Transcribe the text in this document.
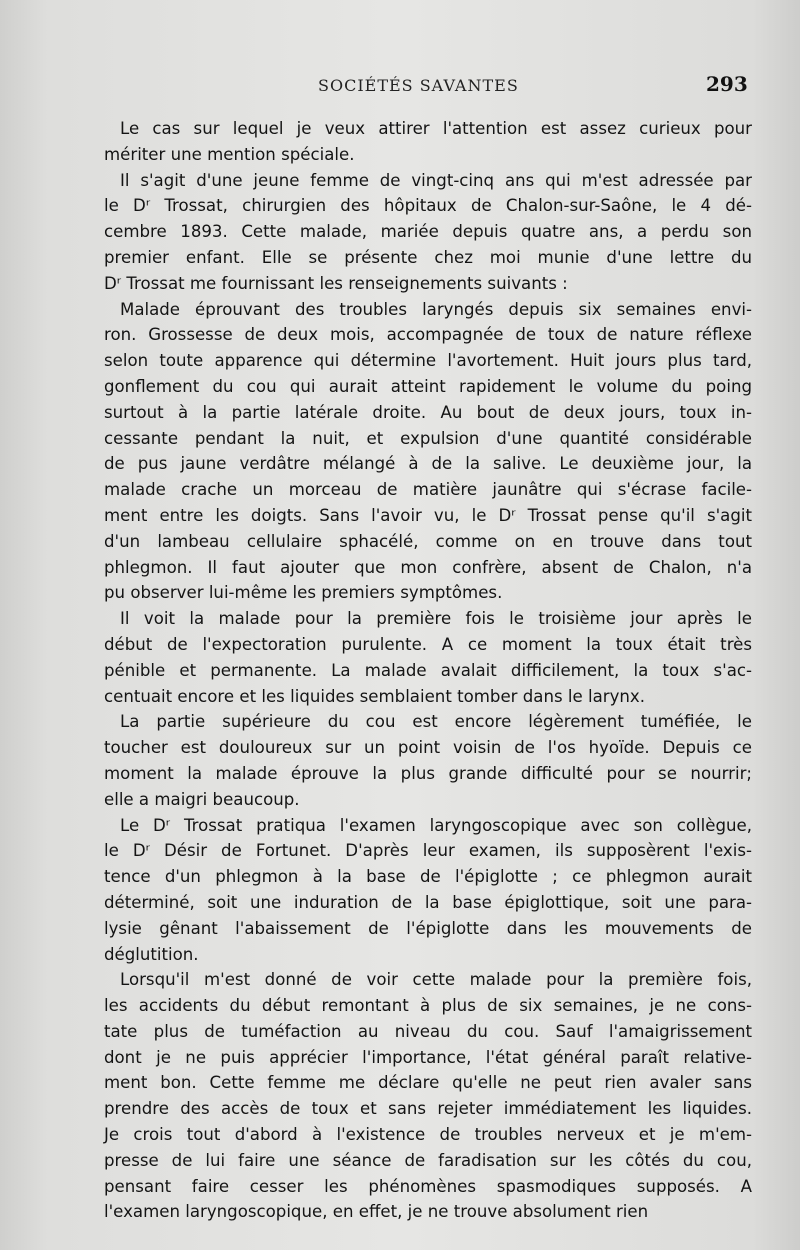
SOCIÉTÉS SAVANTES	293

Le cas sur lequel je veux attirer l'attention est assez curieux pour
mériter une mention spéciale.

Il s'agit d'une jeune femme de vingt-cinq ans qui m'est adressée par
le Dʳ Trossat, chirurgien des hôpitaux de Chalon-sur-Saône, le 4 dé-
cembre 1893. Cette malade, mariée depuis quatre ans, a perdu son
premier enfant. Elle se présente chez moi munie d'une lettre du
Dʳ Trossat me fournissant les renseignements suivants :

Malade éprouvant des troubles laryngés depuis six semaines envi-
ron. Grossesse de deux mois, accompagnée de toux de nature réflexe
selon toute apparence qui détermine l'avortement. Huit jours plus tard,
gonflement du cou qui aurait atteint rapidement le volume du poing
surtout à la partie latérale droite. Au bout de deux jours, toux in-
cessante pendant la nuit, et expulsion d'une quantité considérable
de pus jaune verdâtre mélangé à de la salive. Le deuxième jour, la
malade crache un morceau de matière jaunâtre qui s'écrase facile-
ment entre les doigts. Sans l'avoir vu, le Dʳ Trossat pense qu'il s'agit
d'un lambeau cellulaire sphacélé, comme on en trouve dans tout
phlegmon. Il faut ajouter que mon confrère, absent de Chalon, n'a
pu observer lui-même les premiers symptômes.

Il voit la malade pour la première fois le troisième jour après le
début de l'expectoration purulente. A ce moment la toux était très
pénible et permanente. La malade avalait difficilement, la toux s'ac-
centuait encore et les liquides semblaient tomber dans le larynx.

La partie supérieure du cou est encore légèrement tuméfiée, le
toucher est douloureux sur un point voisin de l'os hyoïde. Depuis ce
moment la malade éprouve la plus grande difficulté pour se nourrir;
elle a maigri beaucoup.

Le Dʳ Trossat pratiqua l'examen laryngoscopique avec son collègue,
le Dʳ Désir de Fortunet. D'après leur examen, ils supposèrent l'exis-
tence d'un phlegmon à la base de l'épiglotte ; ce phlegmon aurait
déterminé, soit une induration de la base épiglottique, soit une para-
lysie gênant l'abaissement de l'épiglotte dans les mouvements de
déglutition.

Lorsqu'il m'est donné de voir cette malade pour la première fois,
les accidents du début remontant à plus de six semaines, je ne cons-
tate plus de tuméfaction au niveau du cou. Sauf l'amaigrissement
dont je ne puis apprécier l'importance, l'état général paraît relative-
ment bon. Cette femme me déclare qu'elle ne peut rien avaler sans
prendre des accès de toux et sans rejeter immédiatement les liquides.
Je crois tout d'abord à l'existence de troubles nerveux et je m'em-
presse de lui faire une séance de faradisation sur les côtés du cou,
pensant faire cesser les phénomènes spasmodiques supposés. A
l'examen laryngoscopique, en effet, je ne trouve absolument rien
